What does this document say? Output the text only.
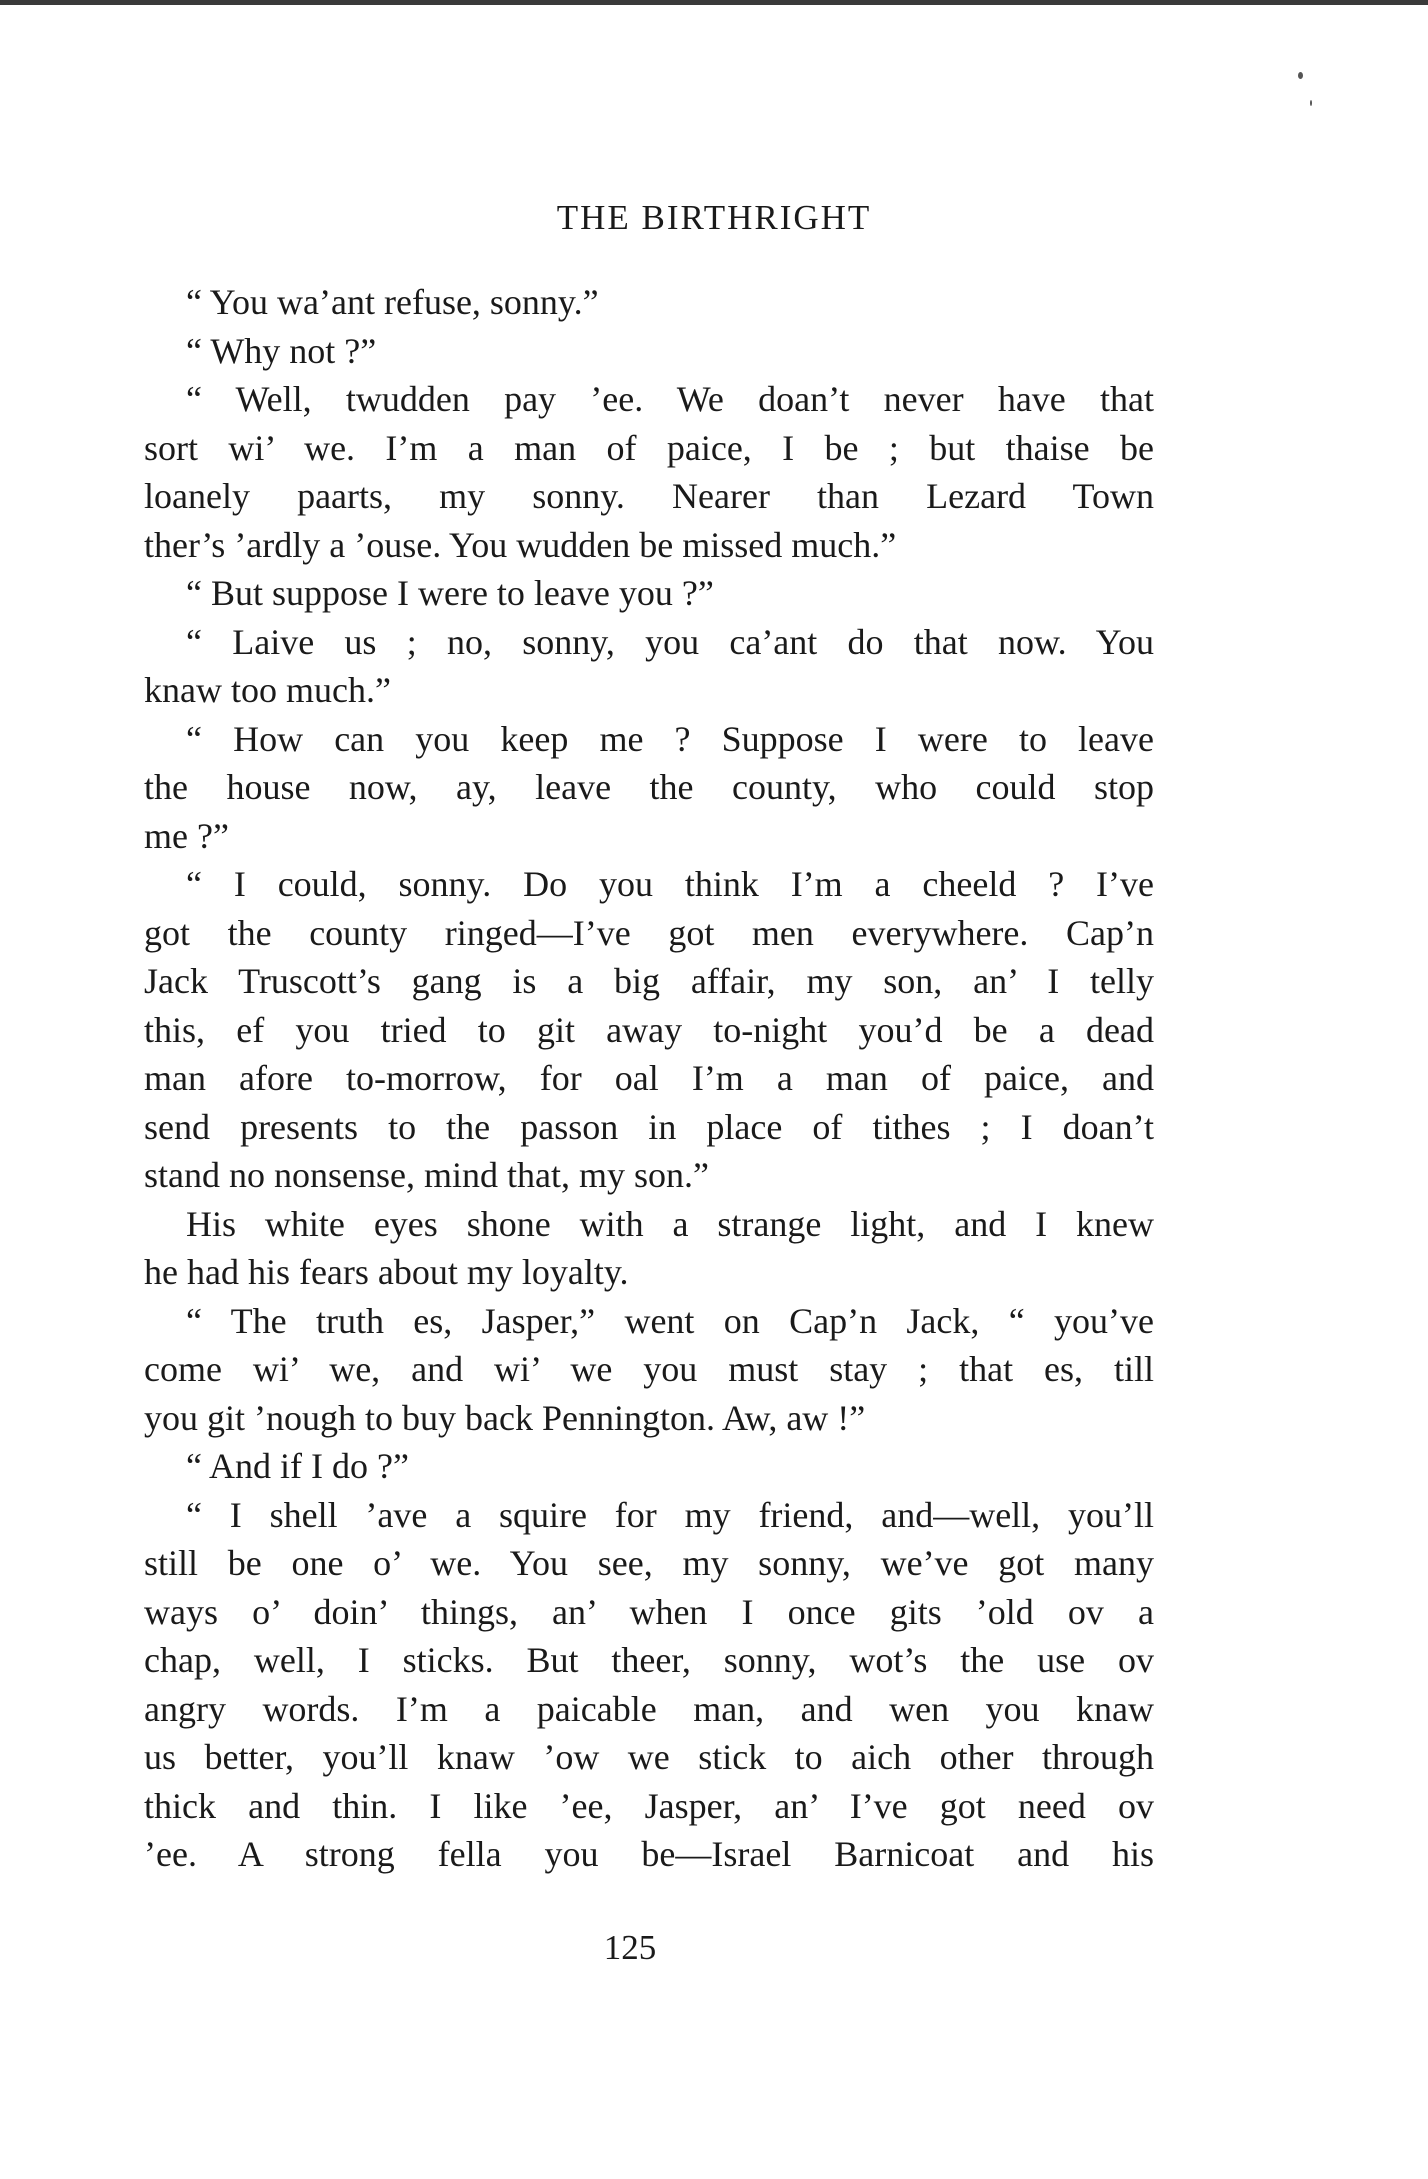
THE BIRTHRIGHT
“ You wa’ant refuse, sonny.”
“ Why not ?”
“ Well, twudden pay ’ee. We doan’t never have that
sort wi’ we. I’m a man of paice, I be ; but thaise be
loanely paarts, my sonny. Nearer than Lezard Town
ther’s ’ardly a ’ouse. You wudden be missed much.”
“ But suppose I were to leave you ?”
“ Laive us ; no, sonny, you ca’ant do that now. You
knaw too much.”
“ How can you keep me ? Suppose I were to leave
the house now, ay, leave the county, who could stop
me ?”
“ I could, sonny. Do you think I’m a cheeld ? I’ve
got the county ringed—I’ve got men everywhere. Cap’n
Jack Truscott’s gang is a big affair, my son, an’ I telly
this, ef you tried to git away to-night you’d be a dead
man afore to-morrow, for oal I’m a man of paice, and
send presents to the passon in place of tithes ; I doan’t
stand no nonsense, mind that, my son.”
His white eyes shone with a strange light, and I knew
he had his fears about my loyalty.
“ The truth es, Jasper,” went on Cap’n Jack, “ you’ve
come wi’ we, and wi’ we you must stay ; that es, till
you git ’nough to buy back Pennington. Aw, aw !”
“ And if I do ?”
“ I shell ’ave a squire for my friend, and—well, you’ll
still be one o’ we. You see, my sonny, we’ve got many
ways o’ doin’ things, an’ when I once gits ’old ov a
chap, well, I sticks. But theer, sonny, wot’s the use ov
angry words. I’m a paicable man, and wen you knaw
us better, you’ll knaw ’ow we stick to aich other through
thick and thin. I like ’ee, Jasper, an’ I’ve got need ov
’ee. A strong fella you be—Israel Barnicoat and his
125
